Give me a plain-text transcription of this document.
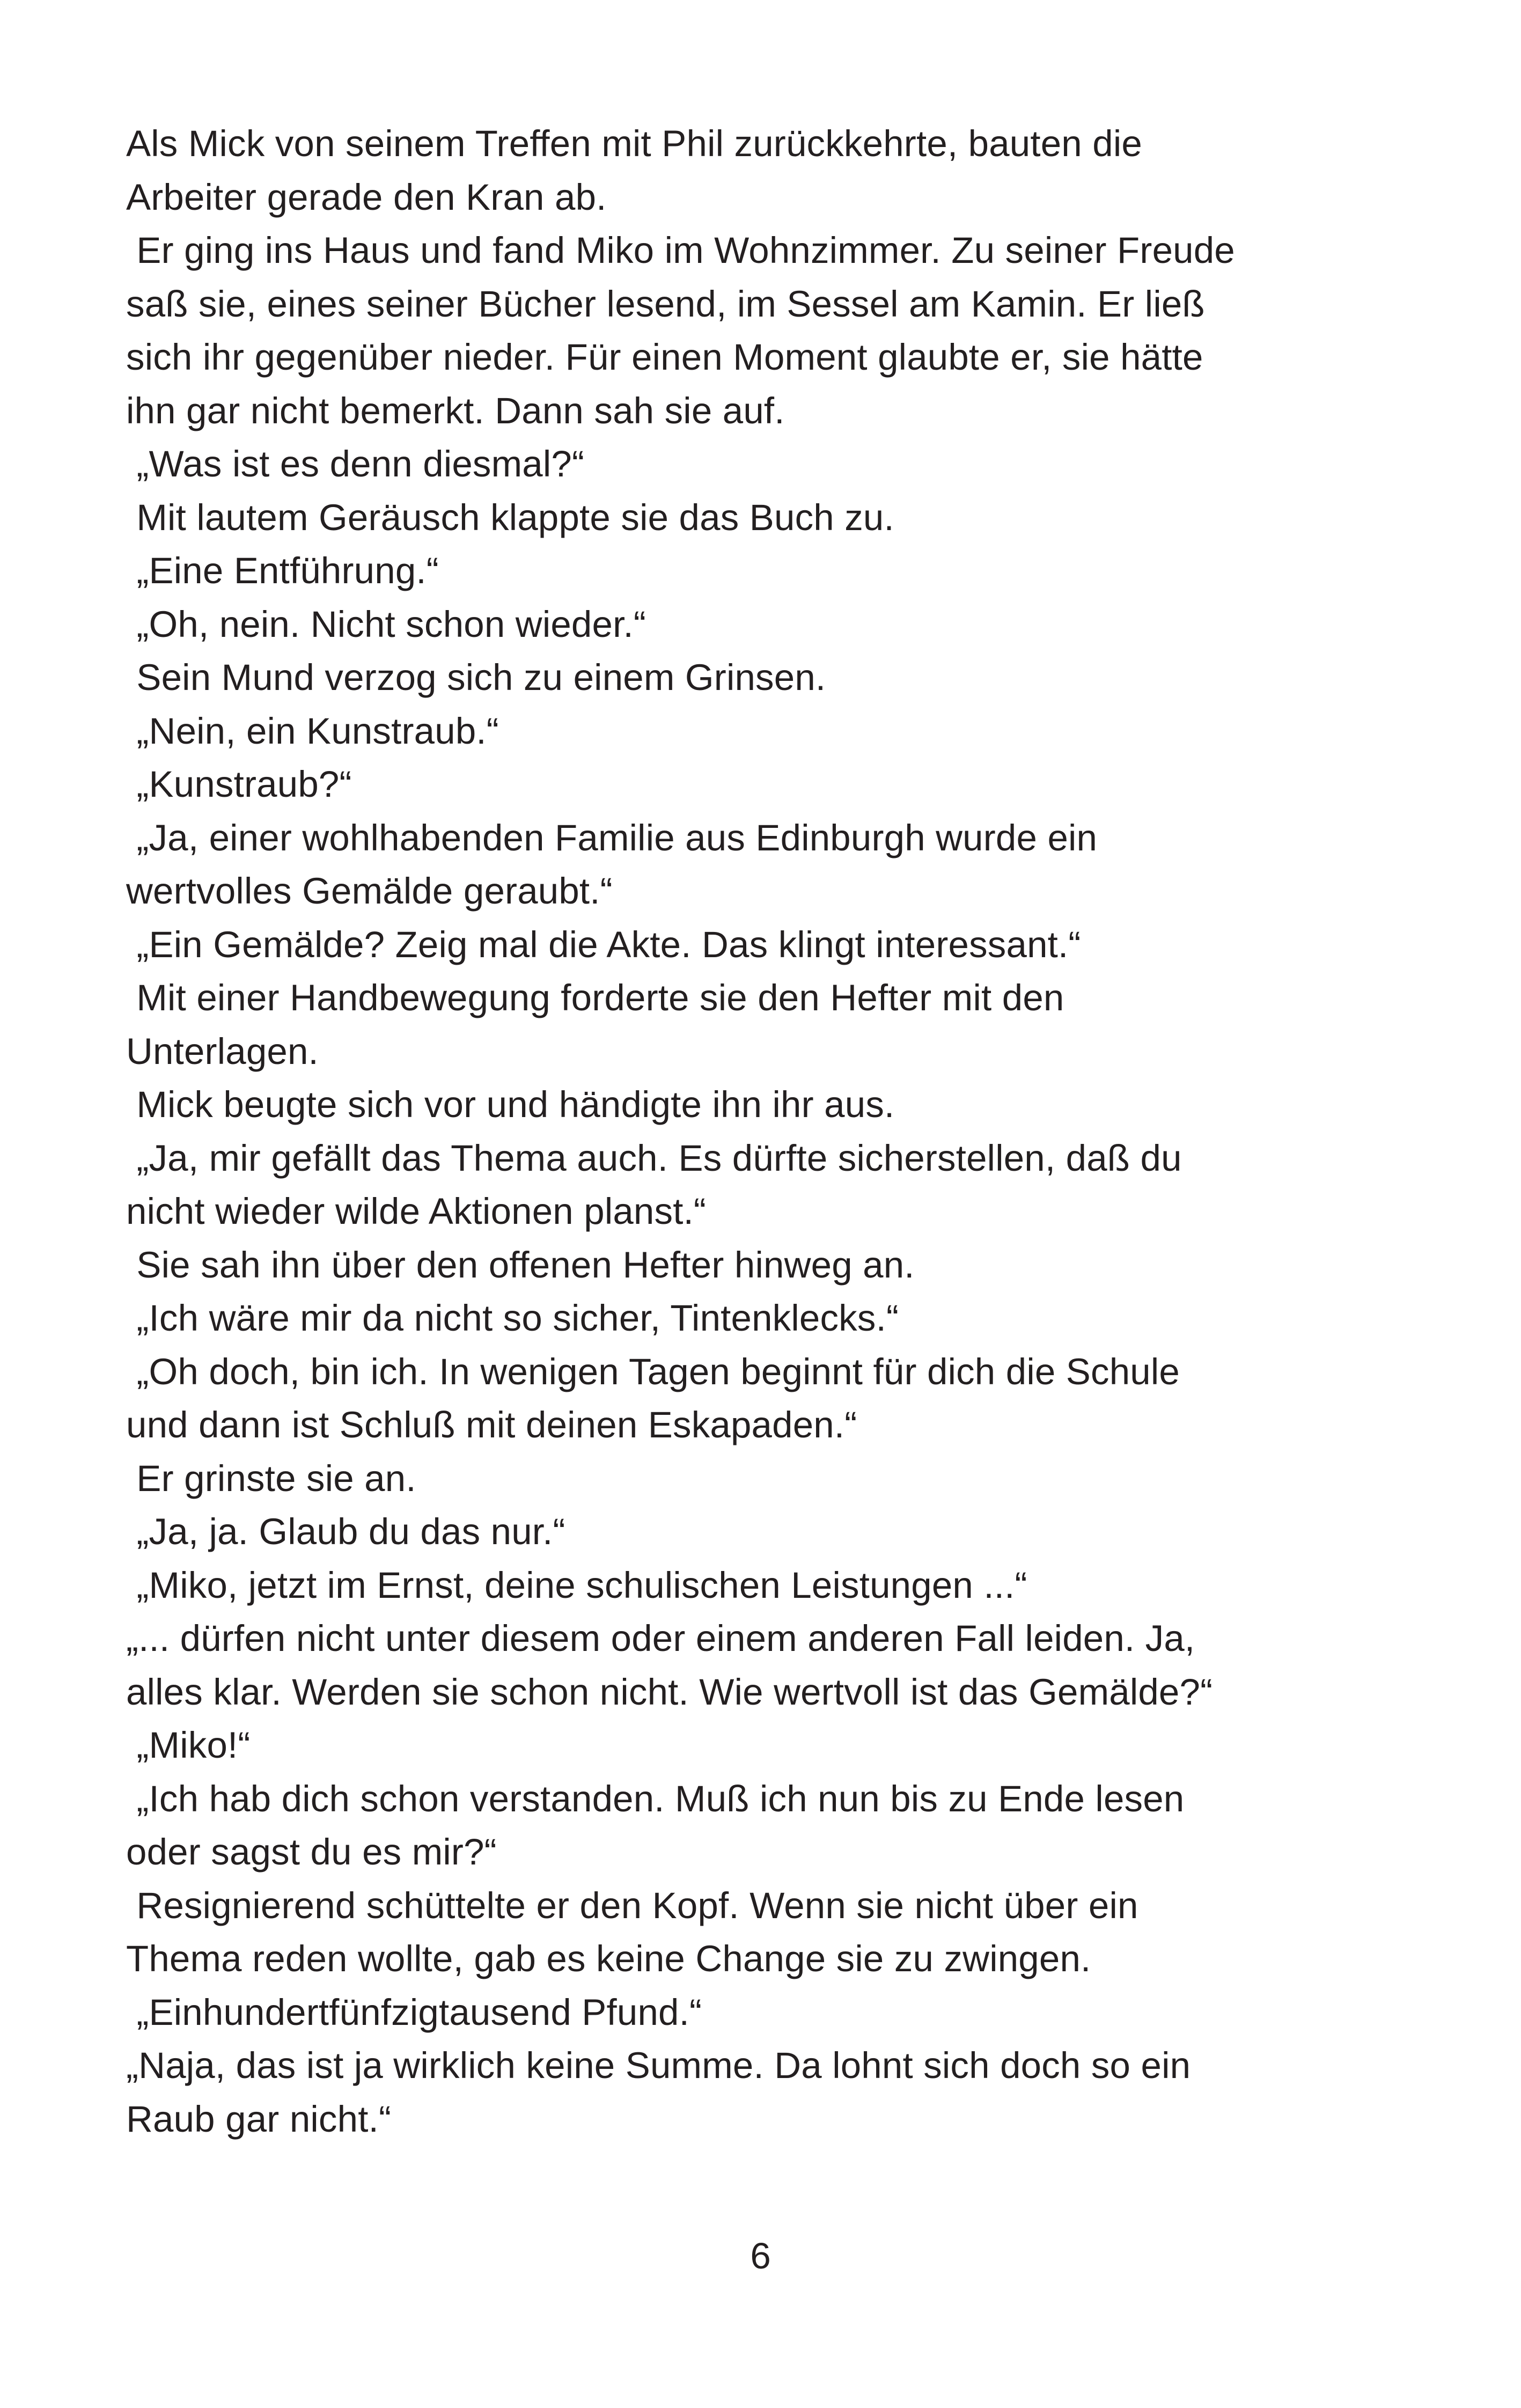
Als Mick von seinem Treffen mit Phil zurückkehrte, bauten die
Arbeiter gerade den Kran ab.
Er ging ins Haus und fand Miko im Wohnzimmer. Zu seiner Freude
saß sie, eines seiner Bücher lesend, im Sessel am Kamin. Er ließ
sich ihr gegenüber nieder. Für einen Moment glaubte er, sie hätte
ihn gar nicht bemerkt. Dann sah sie auf.
„Was ist es denn diesmal?“
Mit lautem Geräusch klappte sie das Buch zu.
„Eine Entführung.“
„Oh, nein. Nicht schon wieder.“
Sein Mund verzog sich zu einem Grinsen.
„Nein, ein Kunstraub.“
„Kunstraub?“
„Ja, einer wohlhabenden Familie aus Edinburgh wurde ein
wertvolles Gemälde geraubt.“
„Ein Gemälde? Zeig mal die Akte. Das klingt interessant.“
Mit einer Handbewegung forderte sie den Hefter mit den
Unterlagen.
Mick beugte sich vor und händigte ihn ihr aus.
„Ja, mir gefällt das Thema auch. Es dürfte sicherstellen, daß du
nicht wieder wilde Aktionen planst.“
Sie sah ihn über den offenen Hefter hinweg an.
„Ich wäre mir da nicht so sicher, Tintenklecks.“
„Oh doch, bin ich. In wenigen Tagen beginnt für dich die Schule
und dann ist Schluß mit deinen Eskapaden.“
Er grinste sie an.
„Ja, ja. Glaub du das nur.“
„Miko, jetzt im Ernst, deine schulischen Leistungen ...“
„... dürfen nicht unter diesem oder einem anderen Fall leiden. Ja,
alles klar. Werden sie schon nicht. Wie wertvoll ist das Gemälde?“
„Miko!“
„Ich hab dich schon verstanden. Muß ich nun bis zu Ende lesen
oder sagst du es mir?“
Resignierend schüttelte er den Kopf. Wenn sie nicht über ein
Thema reden wollte, gab es keine Change sie zu zwingen.
„Einhundertfünfzigtausend Pfund.“
„Naja, das ist ja wirklich keine Summe. Da lohnt sich doch so ein
Raub gar nicht.“
6
